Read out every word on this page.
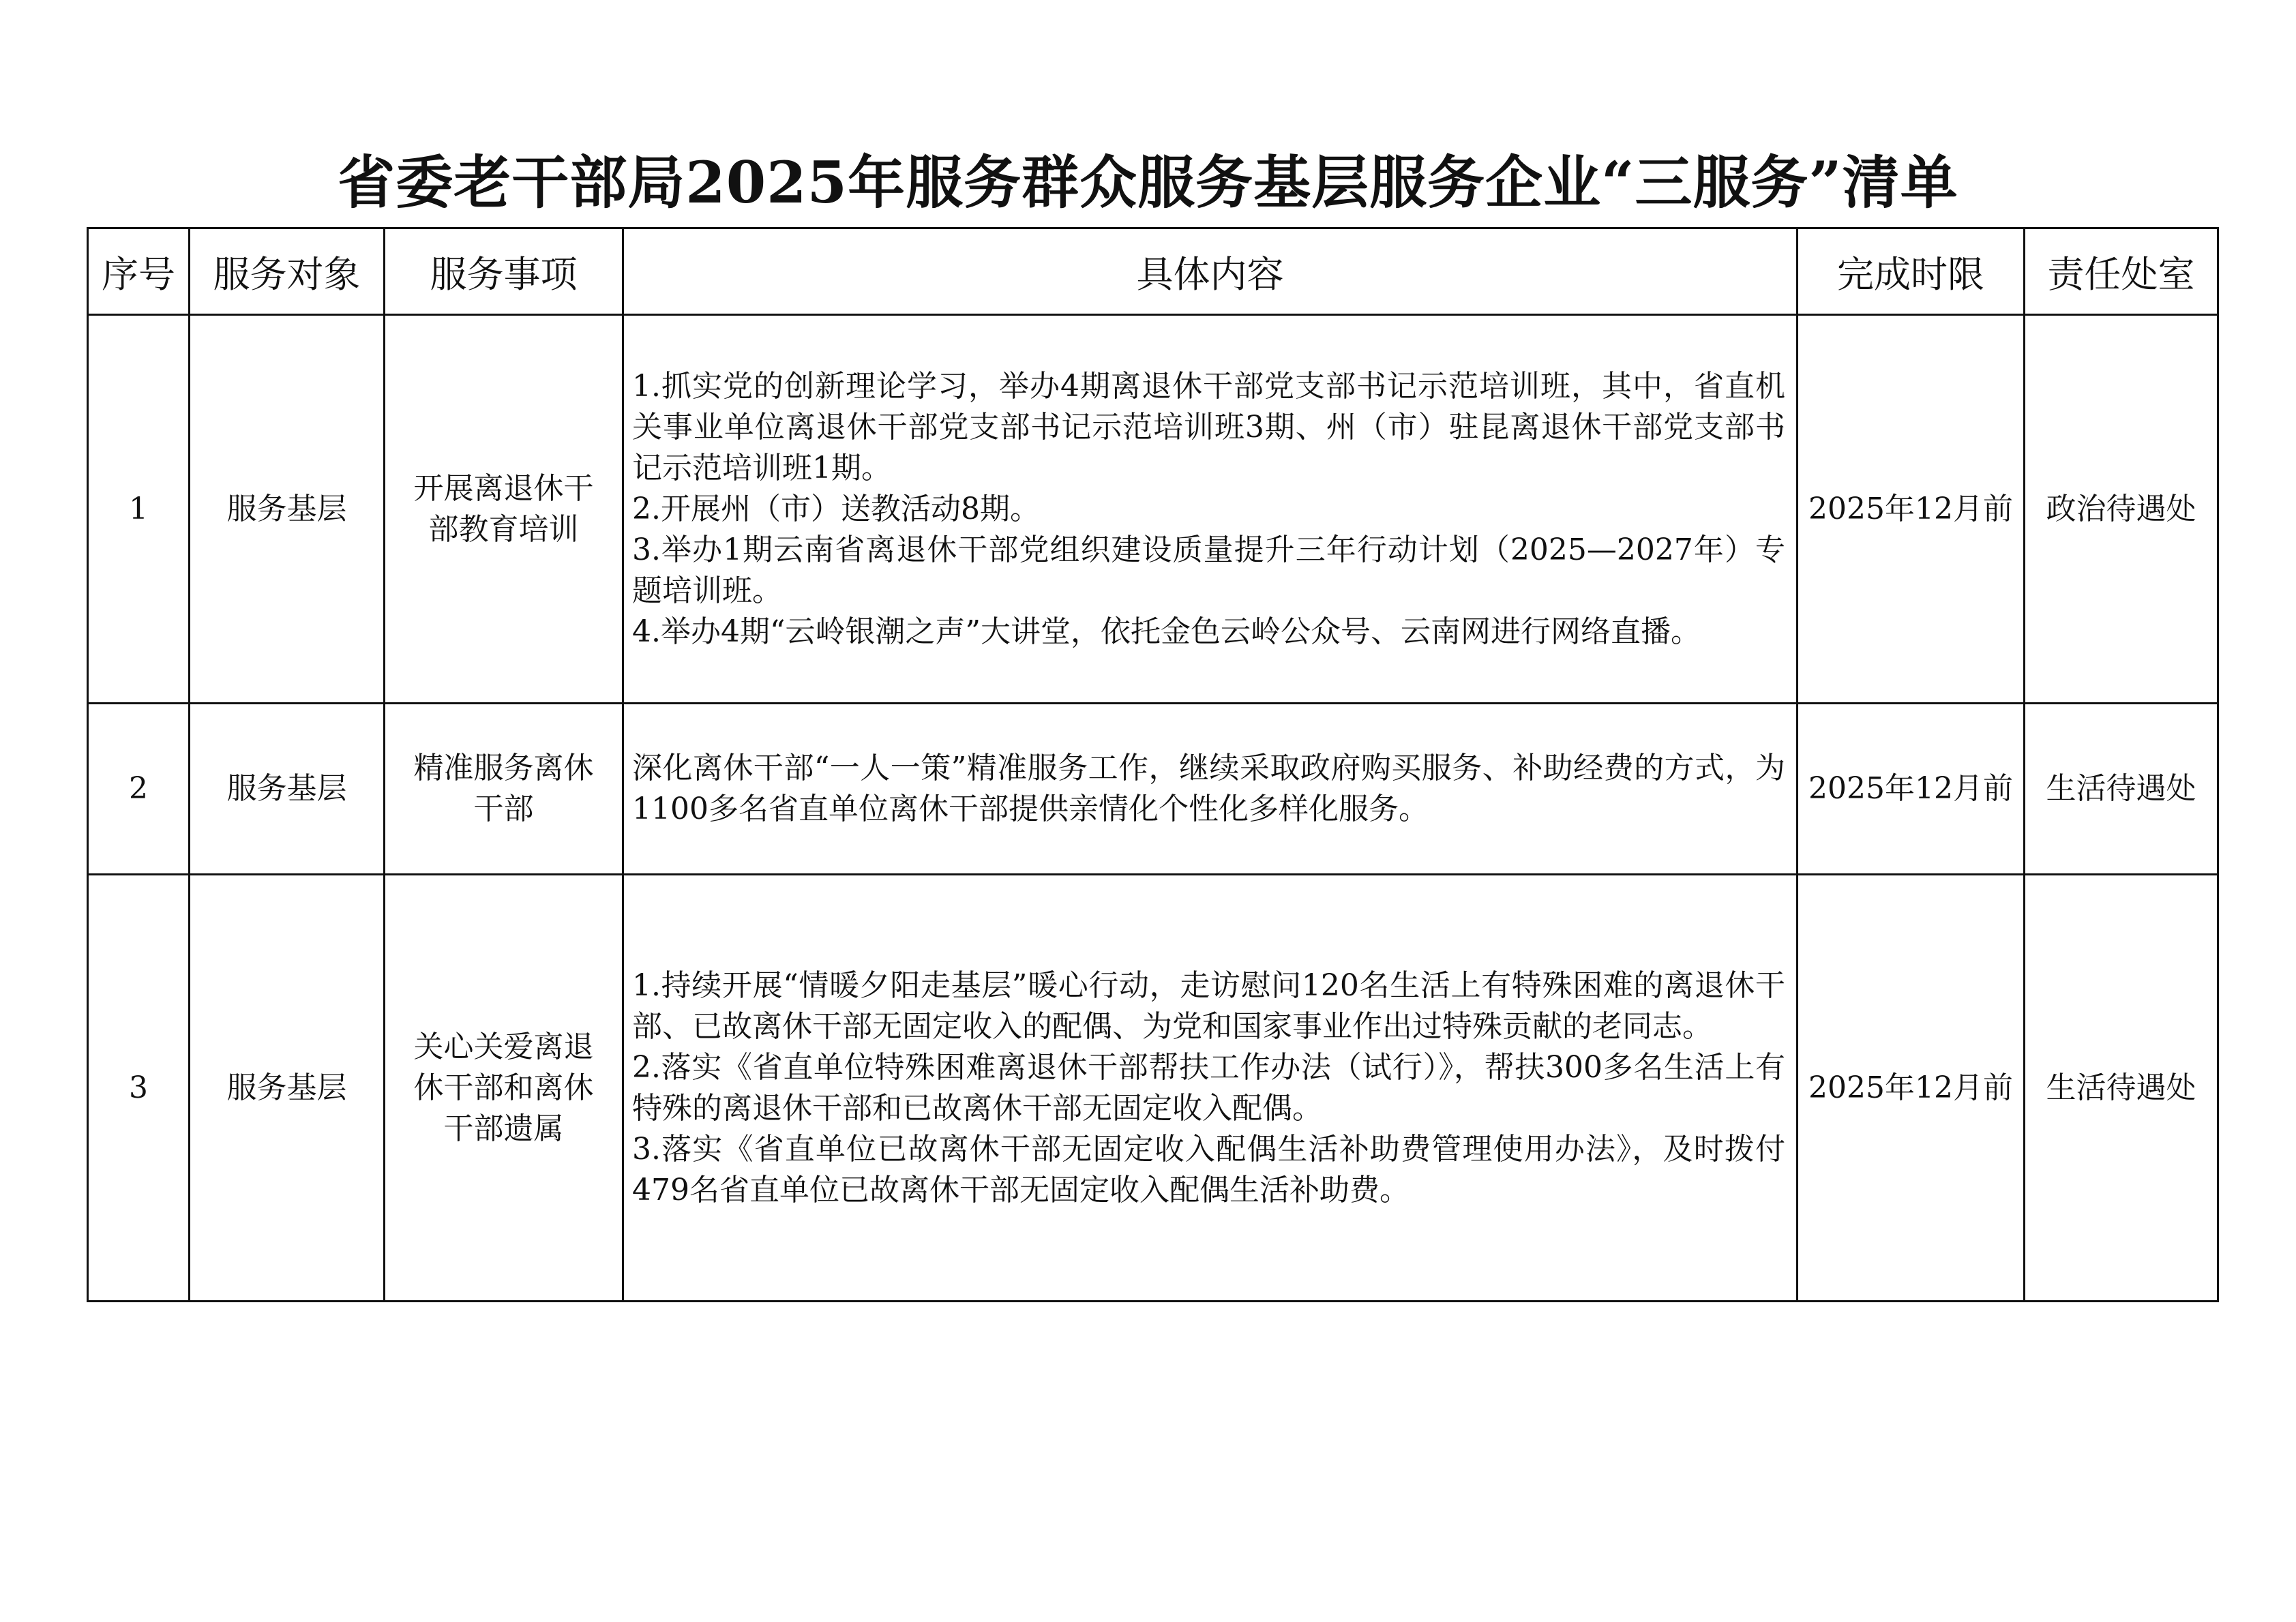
省委老干部局2025年服务群众服务基层服务企业“三服务”清单
序号	服务对象	服务事项	具体内容	完成时限	责任处室
1	服务基层	开展离退休干部教育培训	1.抓实党的创新理论学习，举办4期离退休干部党支部书记示范培训班，其中，省直机关事业单位离退休干部党支部书记示范培训班3期、州（市）驻昆离退休干部党支部书记示范培训班1期。
2.开展州（市）送教活动8期。
3.举办1期云南省离退休干部党组织建设质量提升三年行动计划（2025—2027年）专题培训班。
4.举办4期“云岭银潮之声”大讲堂，依托金色云岭公众号、云南网进行网络直播。	2025年12月前	政治待遇处
2	服务基层	精准服务离休干部	深化离休干部“一人一策”精准服务工作，继续采取政府购买服务、补助经费的方式，为1100多名省直单位离休干部提供亲情化个性化多样化服务。	2025年12月前	生活待遇处
3	服务基层	关心关爱离退休干部和离休干部遗属	1.持续开展“情暖夕阳走基层”暖心行动，走访慰问120名生活上有特殊困难的离退休干部、已故离休干部无固定收入的配偶、为党和国家事业作出过特殊贡献的老同志。
2.落实《省直单位特殊困难离退休干部帮扶工作办法（试行）》，帮扶300多名生活上有特殊的离退休干部和已故离休干部无固定收入配偶。
3.落实《省直单位已故离休干部无固定收入配偶生活补助费管理使用办法》，及时拨付479名省直单位已故离休干部无固定收入配偶生活补助费。	2025年12月前	生活待遇处
